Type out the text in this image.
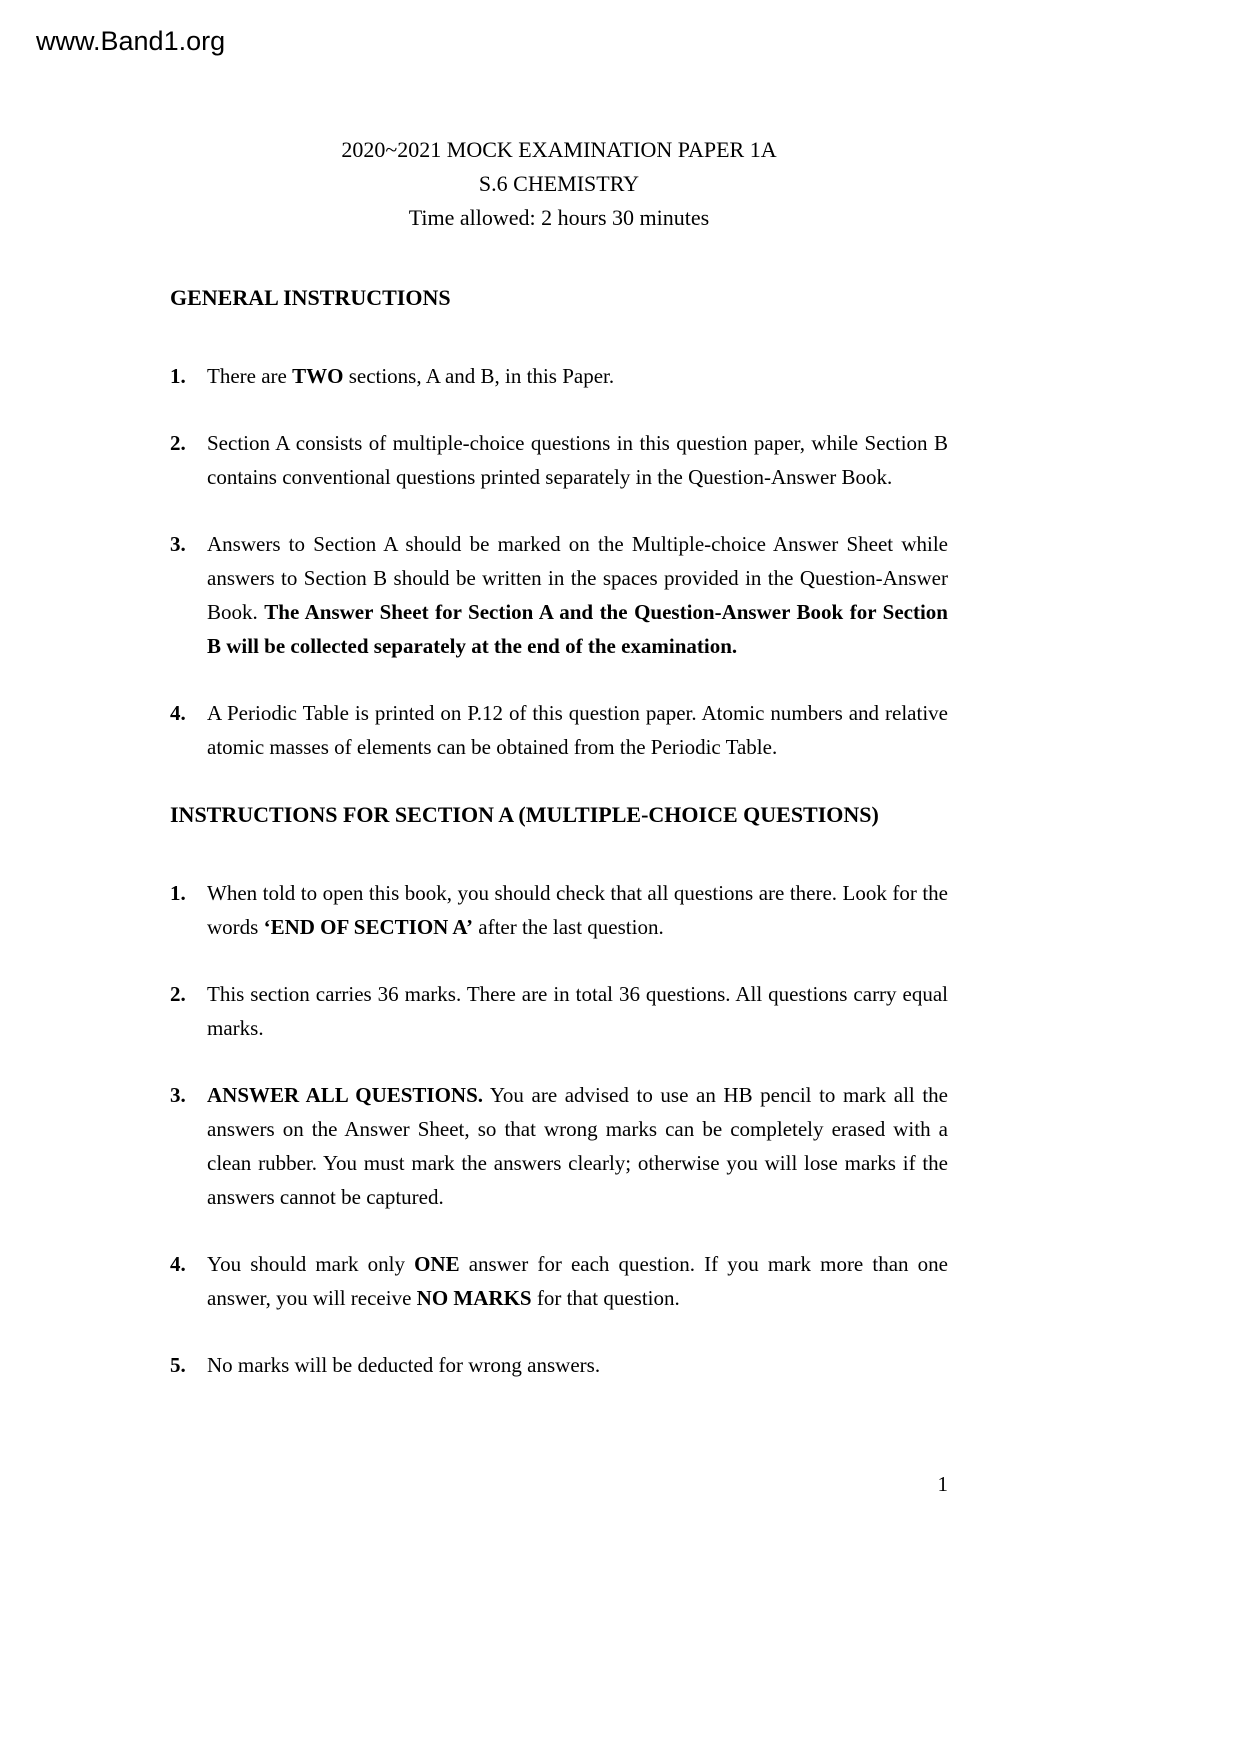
www.Band1.org
2020~2021 MOCK EXAMINATION PAPER 1A
S.6 CHEMISTRY
Time allowed: 2 hours 30 minutes
GENERAL INSTRUCTIONS
1.	There are TWO sections, A and B, in this Paper.
2.	Section A consists of multiple-choice questions in this question paper, while Section B contains conventional questions printed separately in the Question-Answer Book.
3.	Answers to Section A should be marked on the Multiple-choice Answer Sheet while answers to Section B should be written in the spaces provided in the Question-Answer Book. The Answer Sheet for Section A and the Question-Answer Book for Section B will be collected separately at the end of the examination.
4.	A Periodic Table is printed on P.12 of this question paper. Atomic numbers and relative atomic masses of elements can be obtained from the Periodic Table.
INSTRUCTIONS FOR SECTION A (MULTIPLE-CHOICE QUESTIONS)
1.	When told to open this book, you should check that all questions are there. Look for the words ‘END OF SECTION A’ after the last question.
2.	This section carries 36 marks. There are in total 36 questions. All questions carry equal marks.
3.	ANSWER ALL QUESTIONS. You are advised to use an HB pencil to mark all the answers on the Answer Sheet, so that wrong marks can be completely erased with a clean rubber. You must mark the answers clearly; otherwise you will lose marks if the answers cannot be captured.
4.	You should mark only ONE answer for each question. If you mark more than one answer, you will receive NO MARKS for that question.
5.	No marks will be deducted for wrong answers.
1
